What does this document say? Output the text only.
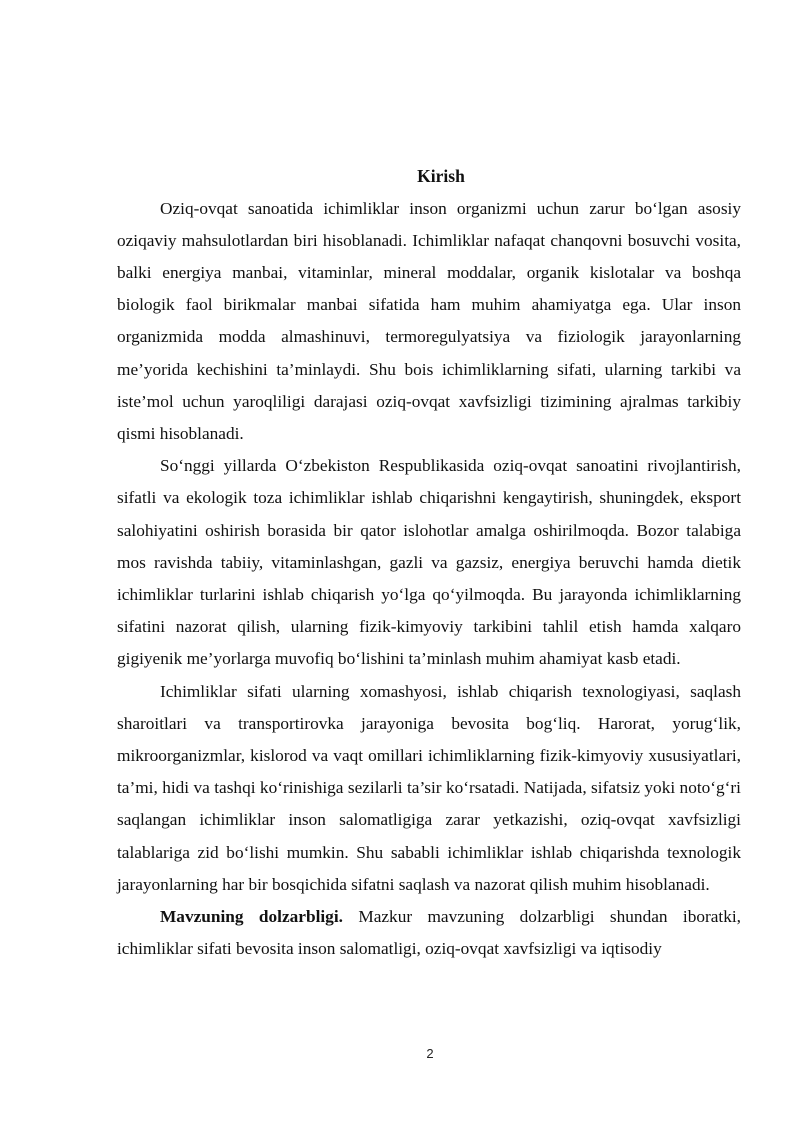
Kirish

Oziq-ovqat sanoatida ichimliklar inson organizmi uchun zarur bo‘lgan asosiy oziqaviy mahsulotlardan biri hisoblanadi. Ichimliklar nafaqat chanqovni bosuvchi vosita, balki energiya manbai, vitaminlar, mineral moddalar, organik kislotalar va boshqa biologik faol birikmalar manbai sifatida ham muhim ahamiyatga ega. Ular inson organizmida modda almashinuvi, termoregulyatsiya va fiziologik jarayonlarning me’yorida kechishini ta’minlaydi. Shu bois ichimliklarning sifati, ularning tarkibi va iste’mol uchun yaroqliligi darajasi oziq-ovqat xavfsizligi tizimining ajralmas tarkibiy qismi hisoblanadi.

So‘nggi yillarda O‘zbekiston Respublikasida oziq-ovqat sanoatini rivojlantirish, sifatli va ekologik toza ichimliklar ishlab chiqarishni kengaytirish, shuningdek, eksport salohiyatini oshirish borasida bir qator islohotlar amalga oshirilmoqda. Bozor talabiga mos ravishda tabiiy, vitaminlashgan, gazli va gazsiz, energiya beruvchi hamda dietik ichimliklar turlarini ishlab chiqarish yo‘lga qo‘yilmoqda. Bu jarayonda ichimliklarning sifatini nazorat qilish, ularning fizik-kimyoviy tarkibini tahlil etish hamda xalqaro gigiyenik me’yorlarga muvofiq bo‘lishini ta’minlash muhim ahamiyat kasb etadi.

Ichimliklar sifati ularning xomashyosi, ishlab chiqarish texnologiyasi, saqlash sharoitlari va transportirovka jarayoniga bevosita bog‘liq. Harorat, yorug‘lik, mikroorganizmlar, kislorod va vaqt omillari ichimliklarning fizik-kimyoviy xususiyatlari, ta’mi, hidi va tashqi ko‘rinishiga sezilarli ta’sir ko‘rsatadi. Natijada, sifatsiz yoki noto‘g‘ri saqlangan ichimliklar inson salomatligiga zarar yetkazishi, oziq-ovqat xavfsizligi talablariga zid bo‘lishi mumkin. Shu sababli ichimliklar ishlab chiqarishda texnologik jarayonlarning har bir bosqichida sifatni saqlash va nazorat qilish muhim hisoblanadi.

Mavzuning dolzarbligi. Mazkur mavzuning dolzarbligi shundan iboratki, ichimliklar sifati bevosita inson salomatligi, oziq-ovqat xavfsizligi va iqtisodiy

2
